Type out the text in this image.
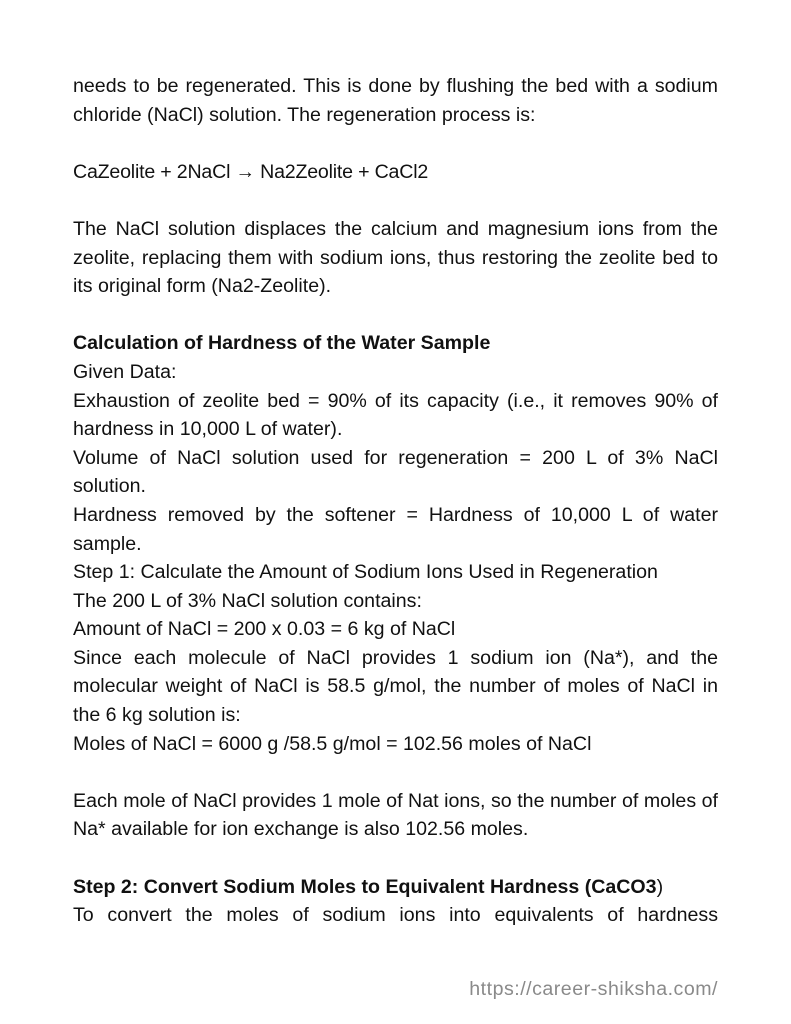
needs to be regenerated. This is done by flushing the bed with a sodium chloride (NaCl) solution. The regeneration process is:

CaZeolite + 2NaCl → Na2Zeolite + CaCl2

The NaCl solution displaces the calcium and magnesium ions from the zeolite, replacing them with sodium ions, thus restoring the zeolite bed to its original form (Na2-Zeolite).

Calculation of Hardness of the Water Sample

Given Data:

Exhaustion of zeolite bed = 90% of its capacity (i.e., it removes 90% of hardness in 10,000 L of water).

Volume of NaCl solution used for regeneration = 200 L of 3% NaCl solution.

Hardness removed by the softener = Hardness of 10,000 L of water sample.

Step 1: Calculate the Amount of Sodium Ions Used in Regeneration

The 200 L of 3% NaCl solution contains:

Amount of NaCl = 200 x 0.03 = 6 kg of NaCl

Since each molecule of NaCl provides 1 sodium ion (Na*), and the molecular weight of NaCl is 58.5 g/mol, the number of moles of NaCl in the 6 kg solution is:

Moles of NaCl = 6000 g /58.5 g/mol = 102.56 moles of NaCl

Each mole of NaCl provides 1 mole of Nat ions, so the number of moles of Na* available for ion exchange is also 102.56 moles.

Step 2: Convert Sodium Moles to Equivalent Hardness (CaCO3)

To convert the moles of sodium ions into equivalents of hardness

https://career-shiksha.com/
